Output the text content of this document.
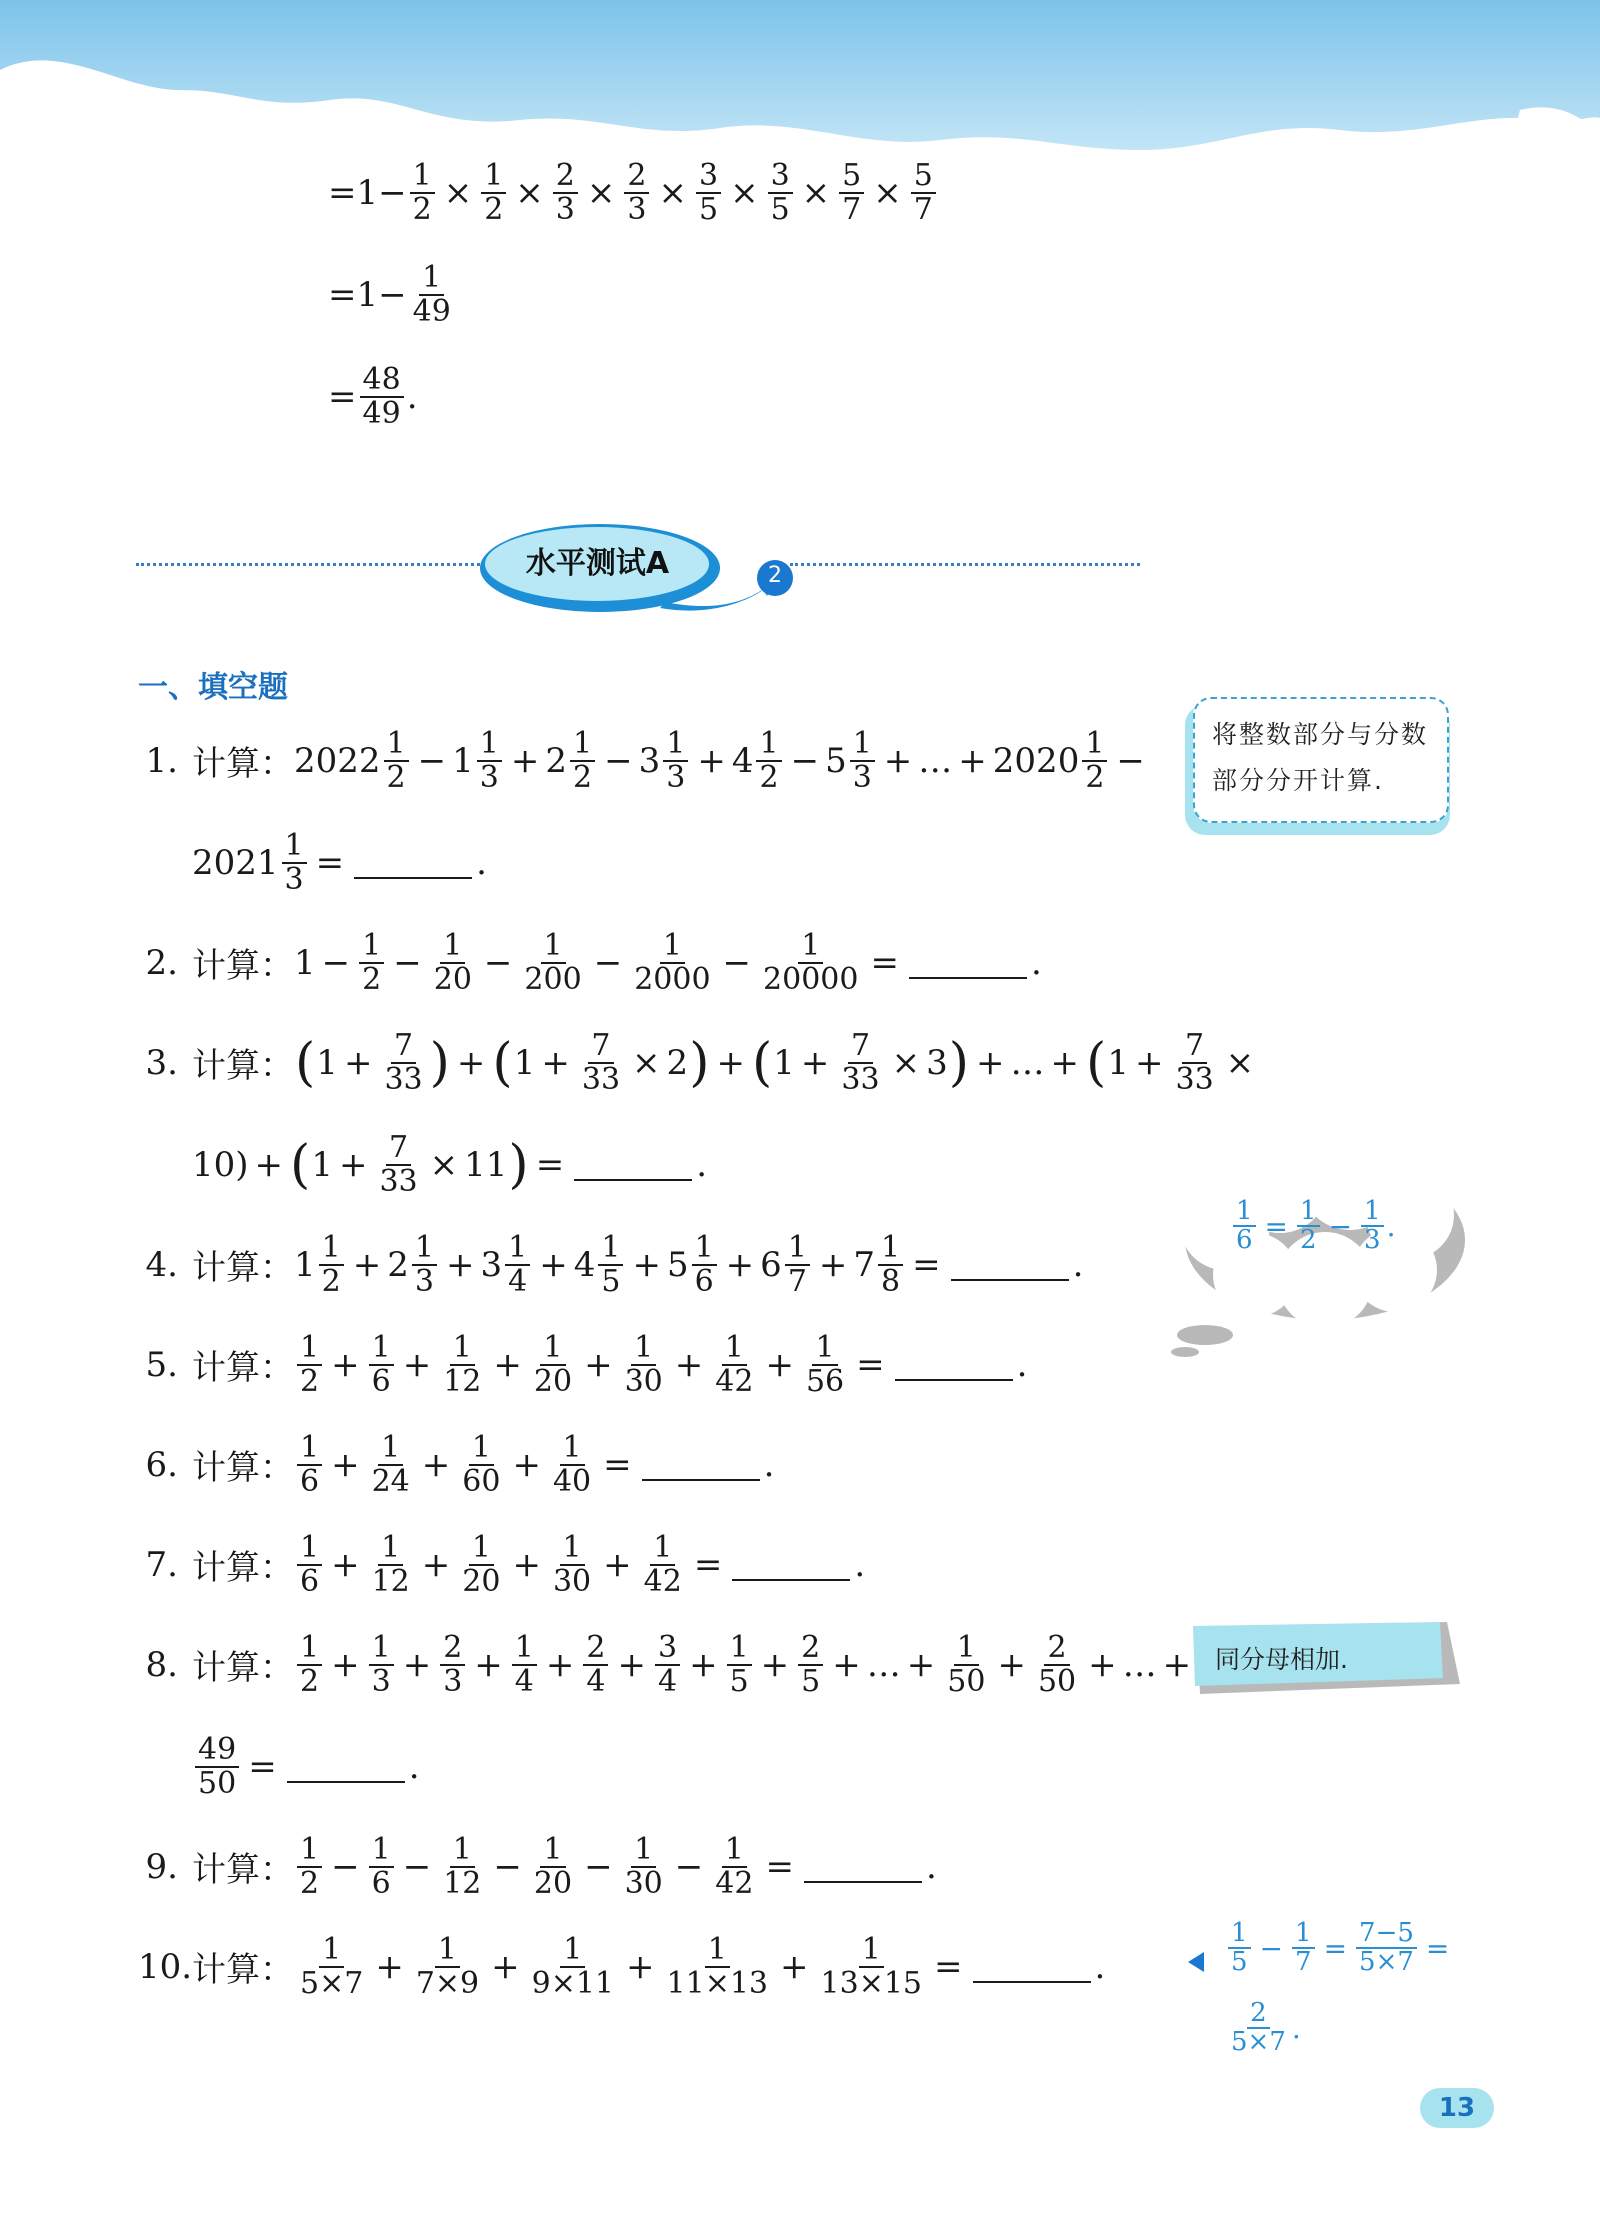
$=1- \frac{1}{2} \times \frac{1}{2} \times \frac{2}{3} \times \frac{2}{3} \times \frac{3}{5} \times \frac{3}{5} \times \frac{5}{7} \times \frac{5}{7}$
$=1- \frac{1}{49}$
= $\frac{48}{49}$ .
水平测试A	2
一、填空题
1. 计算： $2022 \frac{1}{2} - 1 \frac{1}{3} + 2 \frac{1}{2} - 3 \frac{1}{3} + 4 \frac{1}{2} - 5 \frac{1}{3}$ + … + $2020 \frac{1}{2}$ −
$2021 \frac{1}{3}$ =	.
2. 计算： $1 - \frac{1}{2} - \frac{1}{20} - \frac{1}{200} - \frac{1}{2000} - \frac{1}{20000}$ =	.
3. 计算： ( $1 + \frac{7}{33}$ ) + ( $1 + \frac{7}{33} \times 2$ ) + ( $1 + \frac{7}{33} \times 3$ ) + … + ( $1 + \frac{7}{33}$ ×
10) + ( $1 + \frac{7}{33} \times 11$ ) =	.
4. 计算： $1 \frac{1}{2} + 2 \frac{1}{3} + 3 \frac{1}{4} + 4 \frac{1}{5} + 5 \frac{1}{6} + 6 \frac{1}{7} + 7 \frac{1}{8}$ =	.
5. 计算： $\frac{1}{2} + \frac{1}{6} + \frac{1}{12} + \frac{1}{20} + \frac{1}{30} + \frac{1}{42} + \frac{1}{56}$ =	.
6. 计算： $\frac{1}{6} + \frac{1}{24} + \frac{1}{60} + \frac{1}{40}$ =	.
7. 计算： $\frac{1}{6} + \frac{1}{12} + \frac{1}{20} + \frac{1}{30} + \frac{1}{42}$ =	.
8. 计算： $\frac{1}{2} + \frac{1}{3} + \frac{2}{3} + \frac{1}{4} + \frac{2}{4} + \frac{3}{4} + \frac{1}{5} + \frac{2}{5}$ + … + $\frac{1}{50} + \frac{2}{50}$ + … +
$\frac{49}{50}$ =	.
9. 计算： $\frac{1}{2} - \frac{1}{6} - \frac{1}{12} - \frac{1}{20} - \frac{1}{30} - \frac{1}{42}$ =	.
10. 计算： $\frac{1}{5\times 7} + \frac{1}{7\times 9} + \frac{1}{9\times 11} + \frac{1}{11\times 13} + \frac{1}{13\times 15}$ =	.
将整数部分与分数部分分开计算.
$\frac{1}{6} = \frac{1}{2} - \frac{1}{3}$ .
同分母相加.
$\frac{1}{5} - \frac{1}{7} = \frac{7-5}{5\times 7}$ =
$\frac{2}{5\times 7}$ .
13
